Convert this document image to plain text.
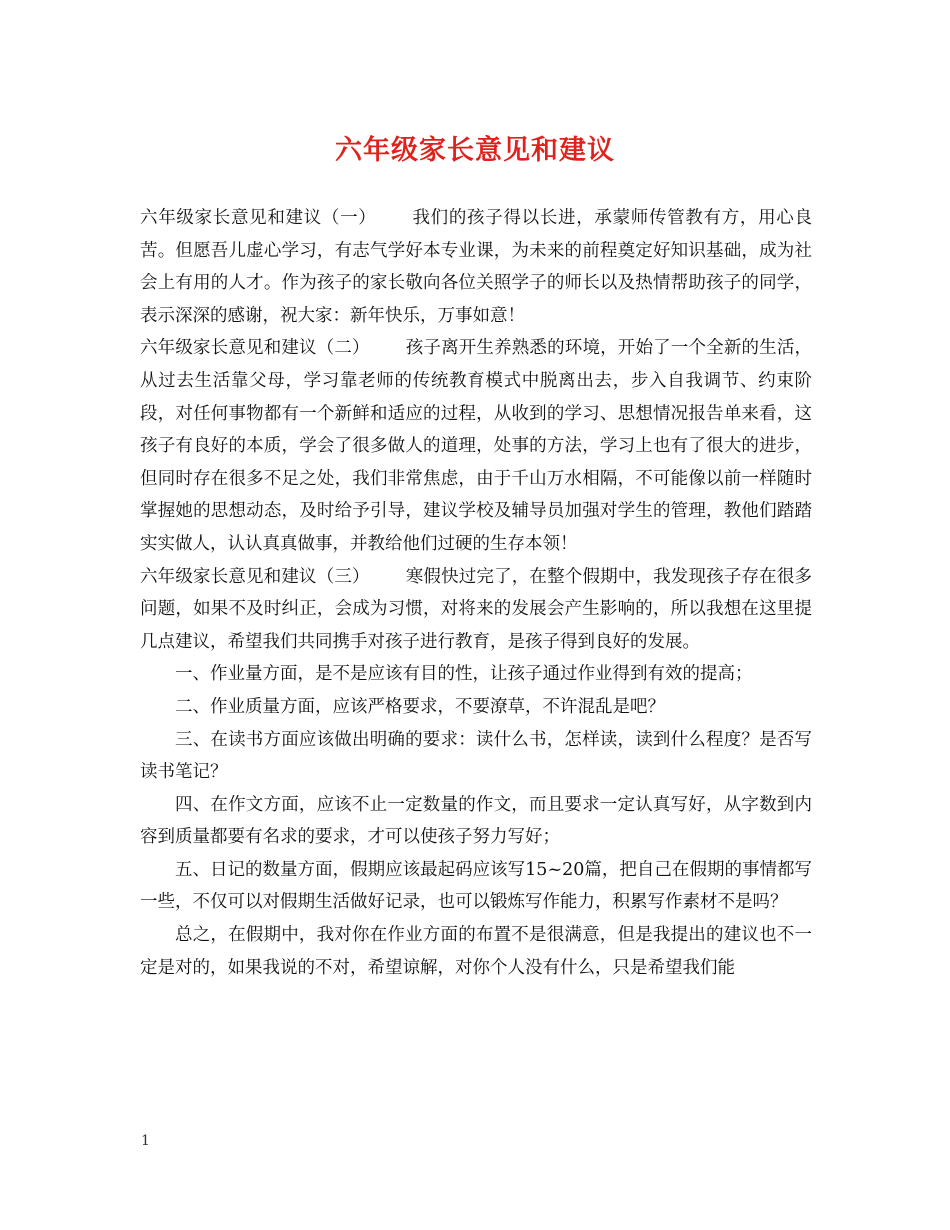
六年级家长意见和建议

六年级家长意见和建议（一） 我们的孩子得以长进，承蒙师传管教有方，用心良苦。但愿吾儿虚心学习，有志气学好本专业课，为未来的前程奠定好知识基础，成为社会上有用的人才。作为孩子的家长敬向各位关照学子的师长以及热情帮助孩子的同学，表示深深的感谢，祝大家：新年快乐，万事如意！

六年级家长意见和建议（二） 孩子离开生养熟悉的环境，开始了一个全新的生活，从过去生活靠父母，学习靠老师的传统教育模式中脱离出去，步入自我调节、约束阶段，对任何事物都有一个新鲜和适应的过程，从收到的学习、思想情况报告单来看，这孩子有良好的本质，学会了很多做人的道理，处事的方法，学习上也有了很大的进步，但同时存在很多不足之处，我们非常焦虑，由于千山万水相隔，不可能像以前一样随时掌握她的思想动态，及时给予引导，建议学校及辅导员加强对学生的管理，教他们踏踏实实做人，认认真真做事，并教给他们过硬的生存本领！

六年级家长意见和建议（三） 寒假快过完了，在整个假期中，我发现孩子存在很多问题，如果不及时纠正，会成为习惯，对将来的发展会产生影响的，所以我想在这里提几点建议，希望我们共同携手对孩子进行教育，是孩子得到良好的发展。

一、作业量方面，是不是应该有目的性，让孩子通过作业得到有效的提高；

二、作业质量方面，应该严格要求，不要潦草，不许混乱是吧？

三、在读书方面应该做出明确的要求：读什么书，怎样读，读到什么程度？是否写读书笔记？

四、在作文方面，应该不止一定数量的作文，而且要求一定认真写好，从字数到内容到质量都要有名求的要求，才可以使孩子努力写好；

五、日记的数量方面，假期应该最起码应该写15~20篇，把自己在假期的事情都写一些，不仅可以对假期生活做好记录，也可以锻炼写作能力，积累写作素材不是吗？

总之，在假期中，我对你在作业方面的布置不是很满意，但是我提出的建议也不一定是对的，如果我说的不对，希望谅解，对你个人没有什么，只是希望我们能

1
